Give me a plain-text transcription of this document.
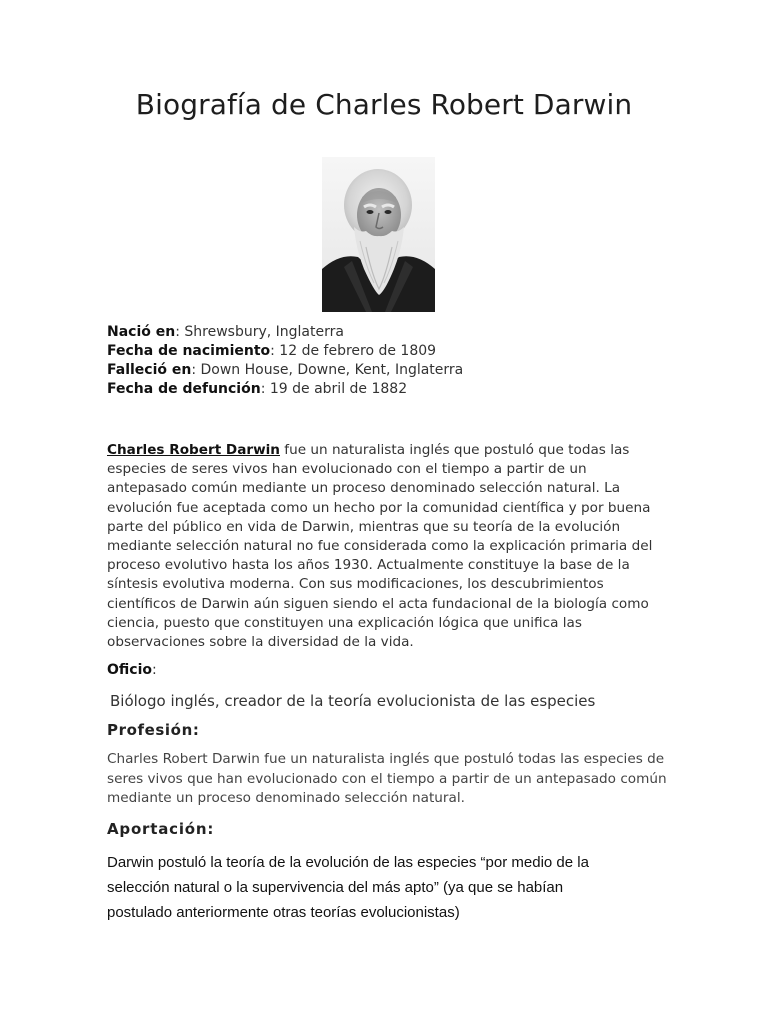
Biografía de Charles Robert Darwin
Nació en: Shrewsbury, Inglaterra
Fecha de nacimiento: 12 de febrero de 1809
Falleció en: Down House, Downe, Kent, Inglaterra
Fecha de defunción: 19 de abril de 1882

Charles Robert Darwin fue un naturalista inglés que postuló que todas las especies de seres vivos han evolucionado con el tiempo a partir de un antepasado común mediante un proceso denominado selección natural. La evolución fue aceptada como un hecho por la comunidad científica y por buena parte del público en vida de Darwin, mientras que su teoría de la evolución mediante selección natural no fue considerada como la explicación primaria del proceso evolutivo hasta los años 1930. Actualmente constituye la base de la síntesis evolutiva moderna. Con sus modificaciones, los descubrimientos científicos de Darwin aún siguen siendo el acta fundacional de la biología como ciencia, puesto que constituyen una explicación lógica que unifica las observaciones sobre la diversidad de la vida.

Oficio:
Biólogo inglés, creador de la teoría evolucionista de las especies
Profesión:

Charles Robert Darwin fue un naturalista inglés que postuló todas las especies de seres vivos que han evolucionado con el tiempo a partir de un antepasado común mediante un proceso denominado selección natural.

Aportación:

Darwin postuló la teoría de la evolución de las especies “por medio de la selección natural o la supervivencia del más apto” (ya que se habían postulado anteriormente otras teorías evolucionistas)
